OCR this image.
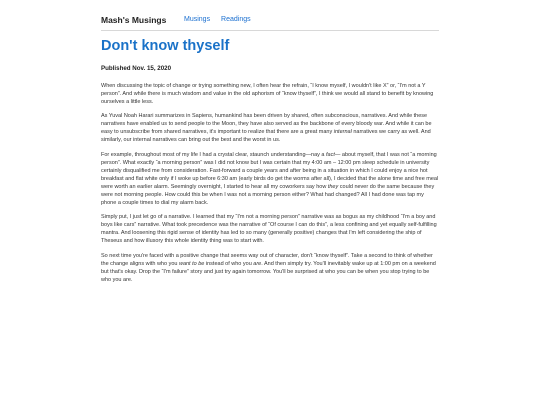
Mash's Musings	Musings Readings
Don't know thyself
Published Nov. 15, 2020

When discussing the topic of change or trying something new, I often hear the refrain, “I know myself, I wouldn't like X” or, “I'm not a Y person”. And while there is much wisdom and value in the old aphorism of “know thyself”, I think we would all stand to benefit by knowing ourselves a little less.

As Yuval Noah Harari summarizes in Sapiens, humankind has been driven by shared, often subconscious, narratives. And while these narratives have enabled us to send people to the Moon, they have also served as the backbone of every bloody war. And while it can be easy to unsubscribe from shared narratives, it's important to realize that there are a great many internal narratives we carry as well. And similarly, our internal narratives can bring out the best and the worst in us.

For example, throughout most of my life I had a crystal clear, staunch understanding—nay a fact— about myself, that I was not “a morning person”. What exactly “a morning person” was I did not know but I was certain that my 4:00 am – 12:00 pm sleep schedule in university certainly disqualified me from consideration. Fast-forward a couple years and after being in a situation in which I could enjoy a nice hot breakfast and flat white only if I woke up before 6:30 am (early birds do get the worms after all), I decided that the alone time and free meal were worth an earlier alarm. Seemingly overnight, I started to hear all my coworkers say how they could never do the same because they were not morning people. How could this be when I was not a morning person either? What had changed? All I had done was tap my phone a couple times to dial my alarm back.

Simply put, I just let go of a narrative. I learned that my “I'm not a morning person” narrative was as bogus as my childhood “I'm a boy and boys like cars” narrative. What took precedence was the narrative of “Of course I can do this”, a less confining and yet equally self-fulfilling mantra. And loosening this rigid sense of identity has led to so many (generally positive) changes that I'm left considering the ship of Theseus and how illusory this whole identity thing was to start with.

So next time you're faced with a positive change that seems way out of character, don't “know thyself”. Take a second to think of whether the change aligns with who you want to be instead of who you are. And then simply try. You'll inevitably wake up at 1:00 pm on a weekend but that's okay. Drop the “I'm failure” story and just try again tomorrow. You'll be surprised at who you can be when you stop trying to be who you are.
